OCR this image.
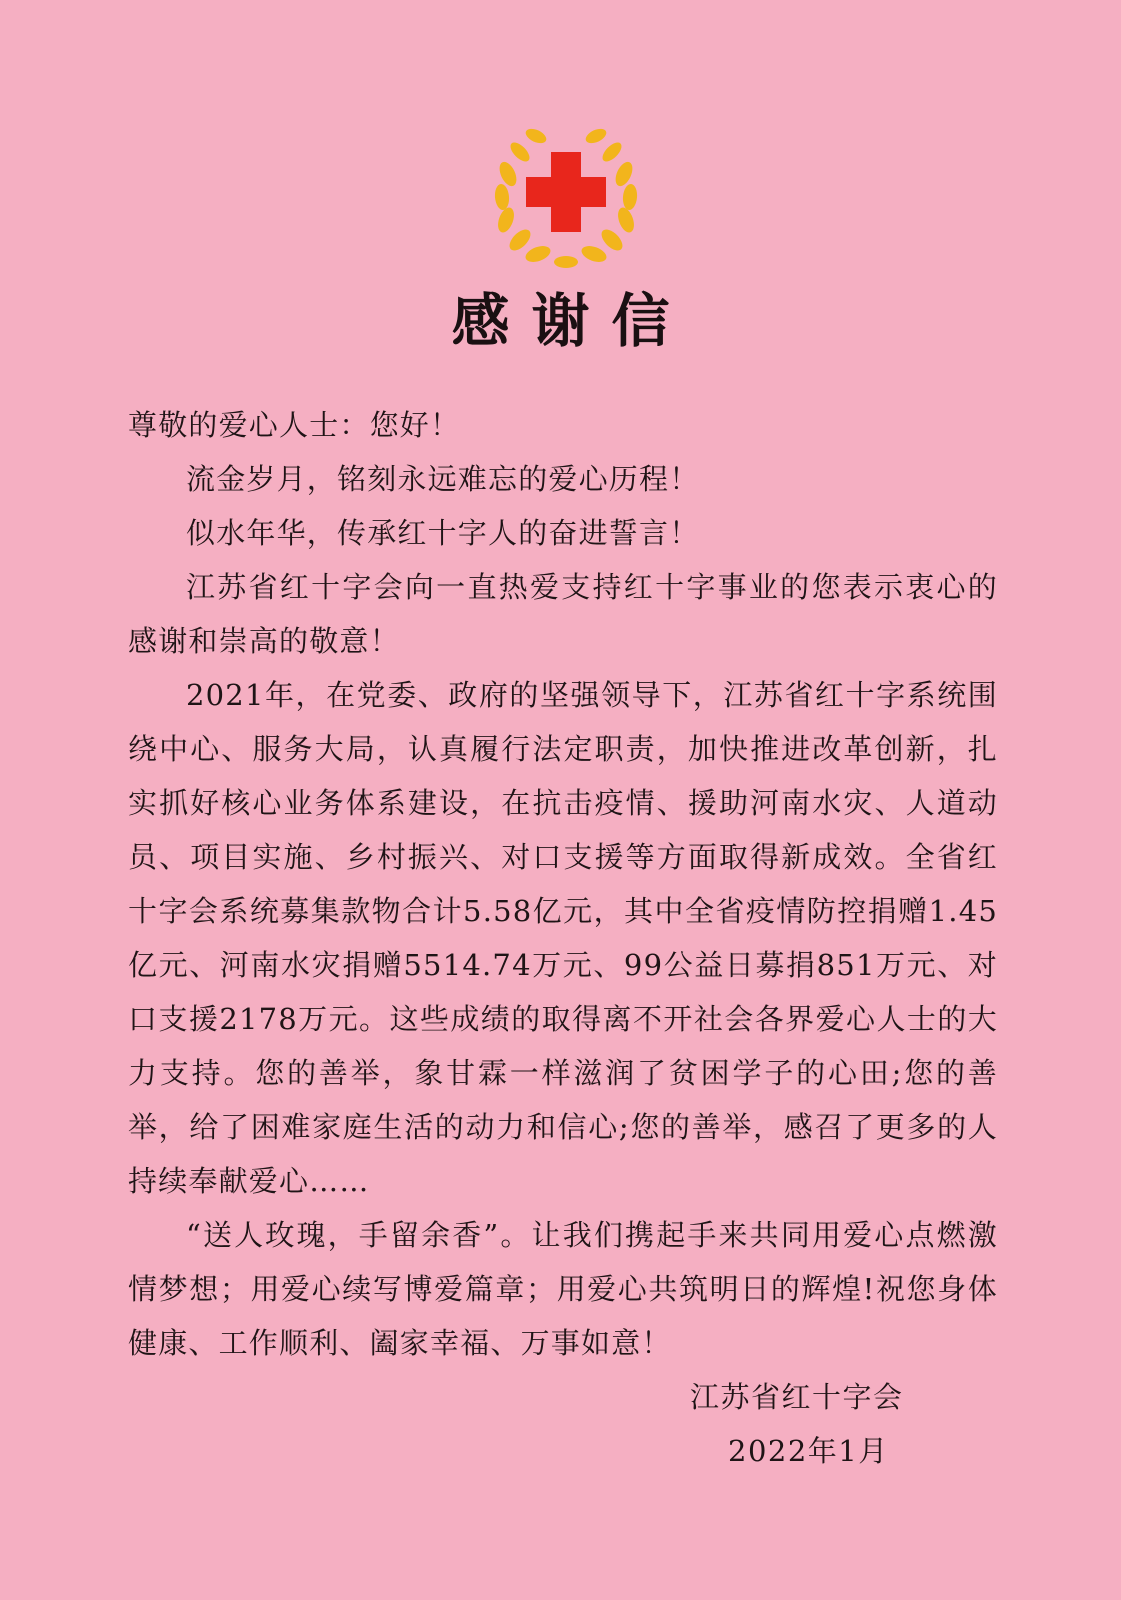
感谢信

尊敬的爱心人士：您好！

流金岁月，铭刻永远难忘的爱心历程！

似水年华，传承红十字人的奋进誓言！

江苏省红十字会向一直热爱支持红十字事业的您表示衷心的感谢和崇高的敬意！

2021年，在党委、政府的坚强领导下，江苏省红十字系统围绕中心、服务大局，认真履行法定职责，加快推进改革创新，扎实抓好核心业务体系建设，在抗击疫情、援助河南水灾、人道动员、项目实施、乡村振兴、对口支援等方面取得新成效。全省红十字会系统募集款物合计5.58亿元，其中全省疫情防控捐赠1.45亿元、河南水灾捐赠5514.74万元、99公益日募捐851万元、对口支援2178万元。这些成绩的取得离不开社会各界爱心人士的大力支持。您的善举，象甘霖一样滋润了贫困学子的心田;您的善举，给了困难家庭生活的动力和信心;您的善举，感召了更多的人持续奉献爱心……

“送人玫瑰，手留余香”。让我们携起手来共同用爱心点燃激情梦想；用爱心续写博爱篇章；用爱心共筑明日的辉煌!祝您身体健康、工作顺利、阖家幸福、万事如意！

江苏省红十字会
2022年1月
